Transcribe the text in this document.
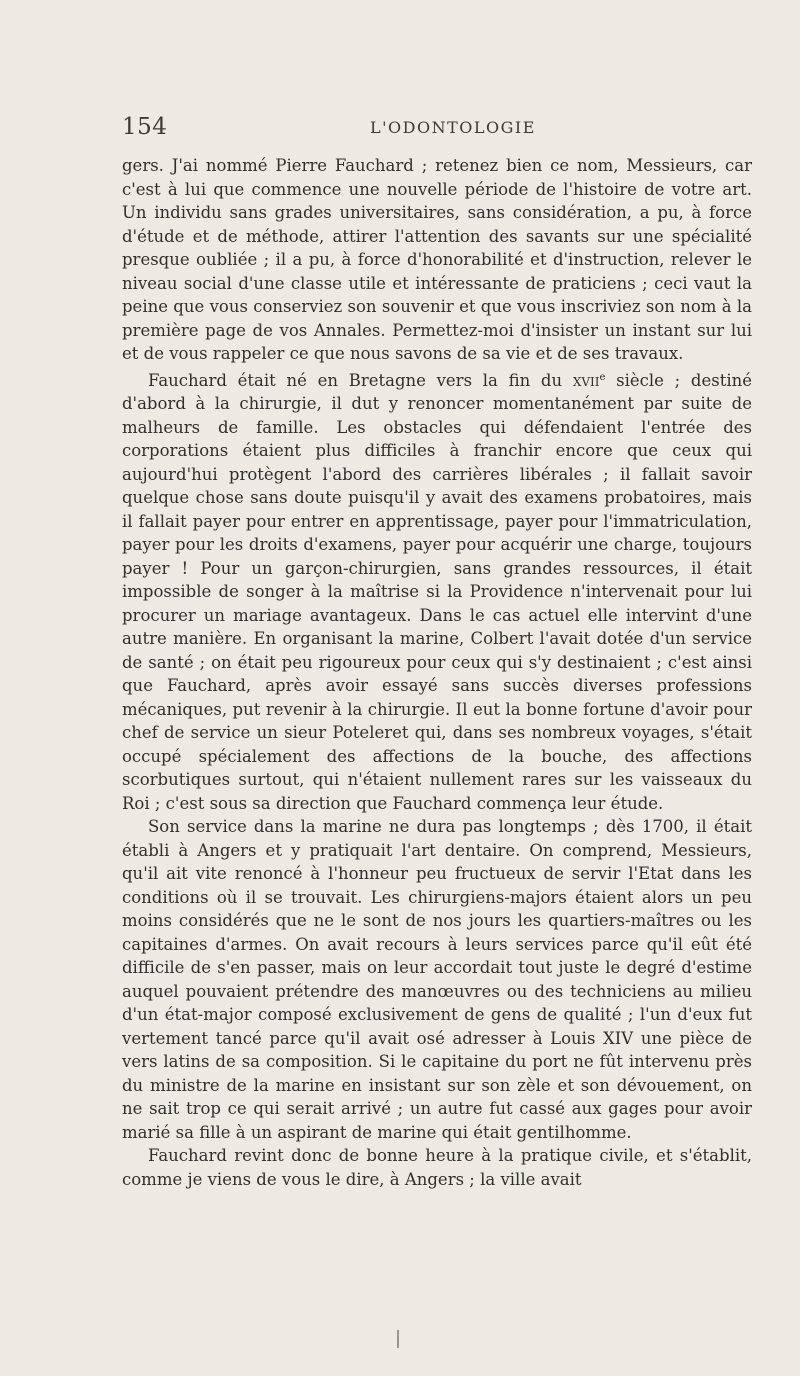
154	L'ODONTOLOGIE

gers. J'ai nommé Pierre Fauchard ; retenez bien ce nom, Messieurs, car c'est à lui que commence une nouvelle période de l'histoire de votre art. Un individu sans grades universitaires, sans considération, a pu, à force d'étude et de méthode, attirer l'attention des savants sur une spécialité presque oubliée ; il a pu, à force d'honorabilité et d'instruction, relever le niveau social d'une classe utile et intéressante de praticiens ; ceci vaut la peine que vous conserviez son souvenir et que vous inscriviez son nom à la première page de vos Annales. Permettez-moi d'insister un instant sur lui et de vous rappeler ce que nous savons de sa vie et de ses travaux.

Fauchard était né en Bretagne vers la fin du xvii$^e$ siècle ; destiné d'abord à la chirurgie, il dut y renoncer momentanément par suite de malheurs de famille. Les obstacles qui défendaient l'entrée des corporations étaient plus difficiles à franchir encore que ceux qui aujourd'hui protègent l'abord des carrières libérales ; il fallait savoir quelque chose sans doute puisqu'il y avait des examens probatoires, mais il fallait payer pour entrer en apprentissage, payer pour l'immatriculation, payer pour les droits d'examens, payer pour acquérir une charge, toujours payer ! Pour un garçon-chirurgien, sans grandes ressources, il était impossible de songer à la maîtrise si la Providence n'intervenait pour lui procurer un mariage avantageux. Dans le cas actuel elle intervint d'une autre manière. En organisant la marine, Colbert l'avait dotée d'un service de santé ; on était peu rigoureux pour ceux qui s'y destinaient ; c'est ainsi que Fauchard, après avoir essayé sans succès diverses professions mécaniques, put revenir à la chirurgie. Il eut la bonne fortune d'avoir pour chef de service un sieur Poteleret qui, dans ses nombreux voyages, s'était occupé spécialement des affections de la bouche, des affections scorbutiques surtout, qui n'étaient nullement rares sur les vaisseaux du Roi ; c'est sous sa direction que Fauchard commença leur étude.

Son service dans la marine ne dura pas longtemps ; dès 1700, il était établi à Angers et y pratiquait l'art dentaire. On comprend, Messieurs, qu'il ait vite renoncé à l'honneur peu fructueux de servir l'Etat dans les conditions où il se trouvait. Les chirurgiens-majors étaient alors un peu moins considérés que ne le sont de nos jours les quartiers-maîtres ou les capitaines d'armes. On avait recours à leurs services parce qu'il eût été difficile de s'en passer, mais on leur accordait tout juste le degré d'estime auquel pouvaient prétendre des manœuvres ou des techniciens au milieu d'un état-major composé exclusivement de gens de qualité ; l'un d'eux fut vertement tancé parce qu'il avait osé adresser à Louis XIV une pièce de vers latins de sa composition. Si le capitaine du port ne fût intervenu près du ministre de la marine en insistant sur son zèle et son dévouement, on ne sait trop ce qui serait arrivé ; un autre fut cassé aux gages pour avoir marié sa fille à un aspirant de marine qui était gentilhomme.

Fauchard revint donc de bonne heure à la pratique civile, et s'établit, comme je viens de vous le dire, à Angers ; la ville avait
